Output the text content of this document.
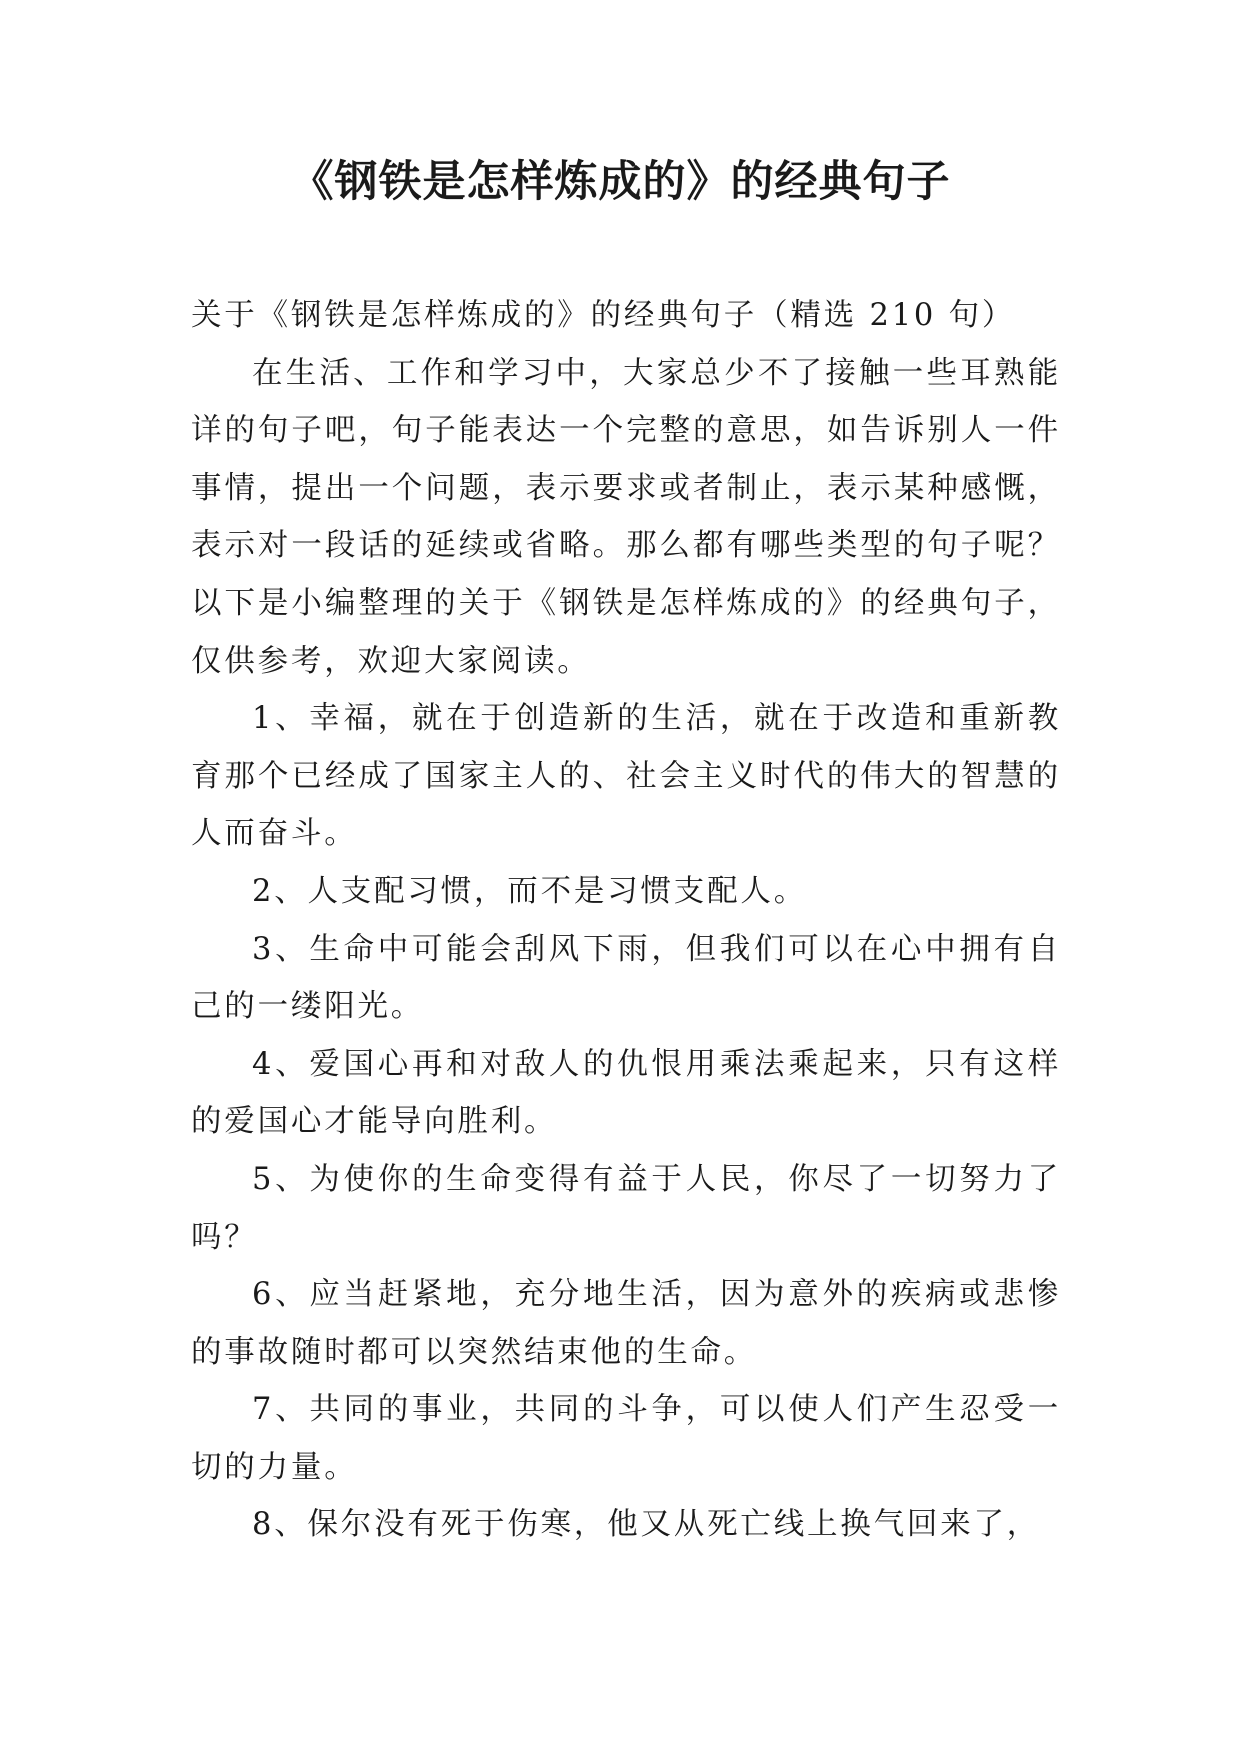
《钢铁是怎样炼成的》的经典句子

关于《钢铁是怎样炼成的》的经典句子（精选 210 句）

在生活、工作和学习中，大家总少不了接触一些耳熟能详的句子吧，句子能表达一个完整的意思，如告诉别人一件事情，提出一个问题，表示要求或者制止，表示某种感慨，表示对一段话的延续或省略。那么都有哪些类型的句子呢？以下是小编整理的关于《钢铁是怎样炼成的》的经典句子，仅供参考，欢迎大家阅读。

1、幸福，就在于创造新的生活，就在于改造和重新教育那个已经成了国家主人的、社会主义时代的伟大的智慧的人而奋斗。

2、人支配习惯，而不是习惯支配人。

3、生命中可能会刮风下雨，但我们可以在心中拥有自己的一缕阳光。

4、爱国心再和对敌人的仇恨用乘法乘起来，只有这样的爱国心才能导向胜利。

5、为使你的生命变得有益于人民，你尽了一切努力了吗？

6、应当赶紧地，充分地生活，因为意外的疾病或悲惨的事故随时都可以突然结束他的生命。

7、共同的事业，共同的斗争，可以使人们产生忍受一切的力量。

8、保尔没有死于伤寒，他又从死亡线上换气回来了，
